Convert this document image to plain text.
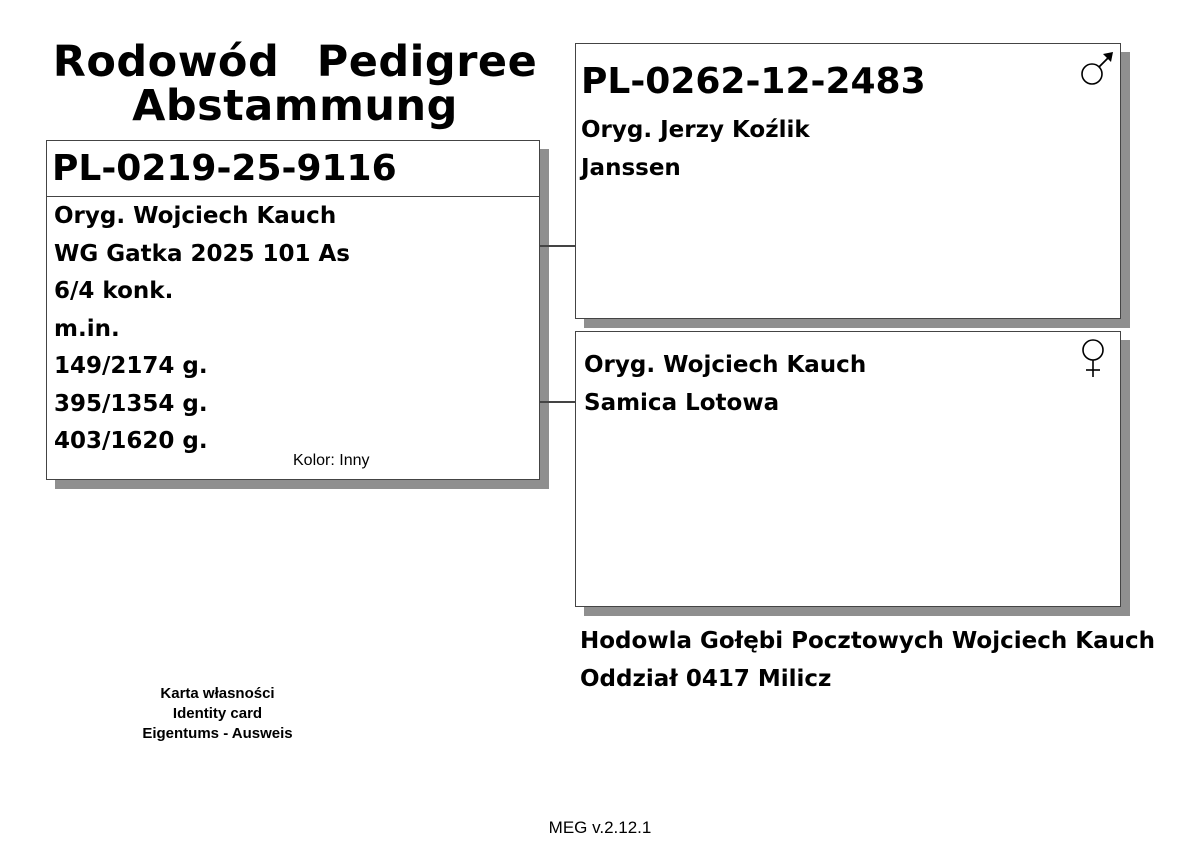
Rodowód Pedigree
Abstammung
PL-0219-25-9116
Oryg. Wojciech Kauch
WG Gatka 2025 101 As
6/4 konk.
m.in.
149/2174 g.
395/1354 g.
403/1620 g.
Kolor: Inny
PL-0262-12-2483
Oryg. Jerzy Koźlik
Janssen
Oryg. Wojciech Kauch
Samica Lotowa
Hodowla Gołębi Pocztowych Wojciech Kauch
Oddział 0417 Milicz
Karta własności
Identity card
Eigentums - Ausweis
MEG v.2.12.1
